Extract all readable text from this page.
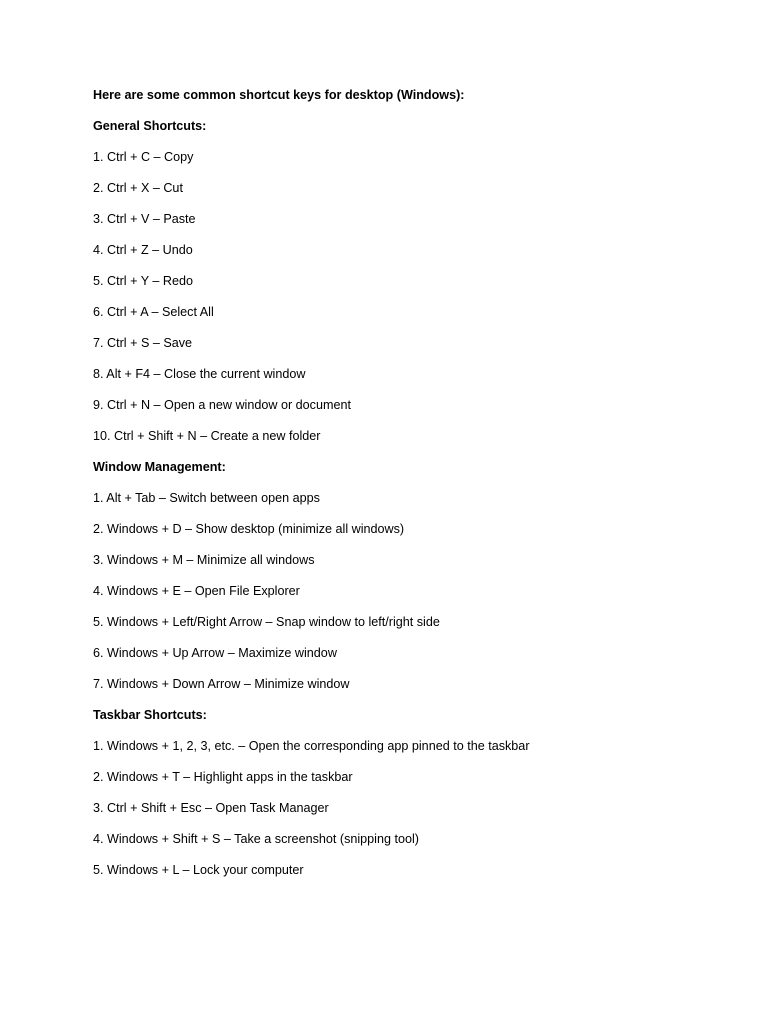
Here are some common shortcut keys for desktop (Windows):
General Shortcuts:
1. Ctrl + C – Copy
2. Ctrl + X – Cut
3. Ctrl + V – Paste
4. Ctrl + Z – Undo
5. Ctrl + Y – Redo
6. Ctrl + A – Select All
7. Ctrl + S – Save
8. Alt + F4 – Close the current window
9. Ctrl + N – Open a new window or document
10. Ctrl + Shift + N – Create a new folder
Window Management:
1. Alt + Tab – Switch between open apps
2. Windows + D – Show desktop (minimize all windows)
3. Windows + M – Minimize all windows
4. Windows + E – Open File Explorer
5. Windows + Left/Right Arrow – Snap window to left/right side
6. Windows + Up Arrow – Maximize window
7. Windows + Down Arrow – Minimize window
Taskbar Shortcuts:
1. Windows + 1, 2, 3, etc. – Open the corresponding app pinned to the taskbar
2. Windows + T – Highlight apps in the taskbar
3. Ctrl + Shift + Esc – Open Task Manager
4. Windows + Shift + S – Take a screenshot (snipping tool)
5. Windows + L – Lock your computer
